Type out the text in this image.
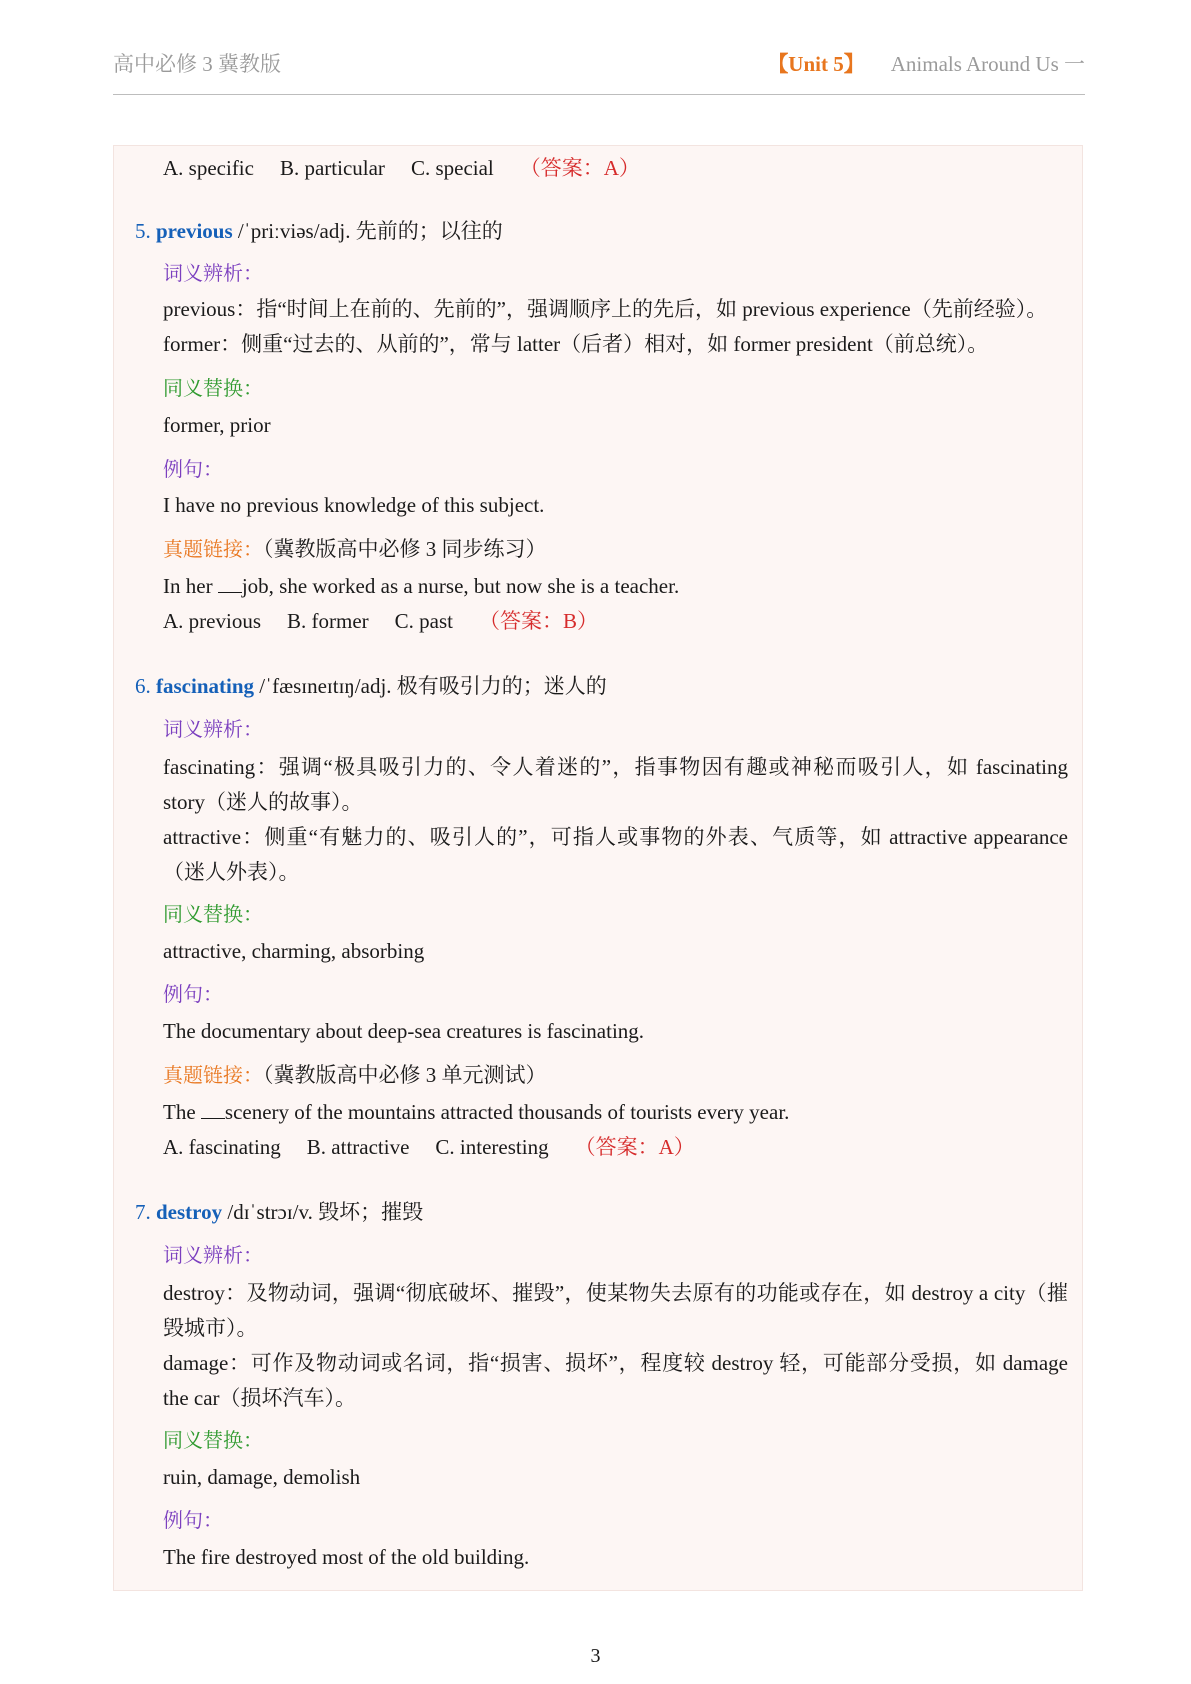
高中必修 3 冀教版	【Unit 5】 Animals Around Us 一
A. specific B. particular C. special （答案：A）
5. previous /ˈpriːviəs/adj. 先前的；以往的
词义辨析：
previous：指“时间上在前的、先前的”，强调顺序上的先后，如 previous experience（先前经验）。
former：侧重“过去的、从前的”，常与 latter（后者）相对，如 former president（前总统）。
同义替换：
former, prior
例句：
I have no previous knowledge of this subject.
真题链接：（冀教版高中必修 3 同步练习）
In her job, she worked as a nurse, but now she is a teacher.
A. previous B. former C. past （答案：B）
6. fascinating /ˈfæsɪneɪtɪŋ/adj. 极有吸引力的；迷人的
词义辨析：
fascinating：强调“极具吸引力的、令人着迷的”，指事物因有趣或神秘而吸引人，如 fascinating story（迷人的故事）。
attractive：侧重“有魅力的、吸引人的”，可指人或事物的外表、气质等，如 attractive appearance（迷人外表）。
同义替换：
attractive, charming, absorbing
例句：
The documentary about deep-sea creatures is fascinating.
真题链接：（冀教版高中必修 3 单元测试）
The scenery of the mountains attracted thousands of tourists every year.
A. fascinating B. attractive C. interesting （答案：A）
7. destroy /dɪˈstrɔɪ/v. 毁坏；摧毁
词义辨析：
destroy：及物动词，强调“彻底破坏、摧毁”，使某物失去原有的功能或存在，如 destroy a city（摧毁城市）。
damage：可作及物动词或名词，指“损害、损坏”，程度较 destroy 轻，可能部分受损，如 damage the car（损坏汽车）。
同义替换：
ruin, damage, demolish
例句：
The fire destroyed most of the old building.
3
